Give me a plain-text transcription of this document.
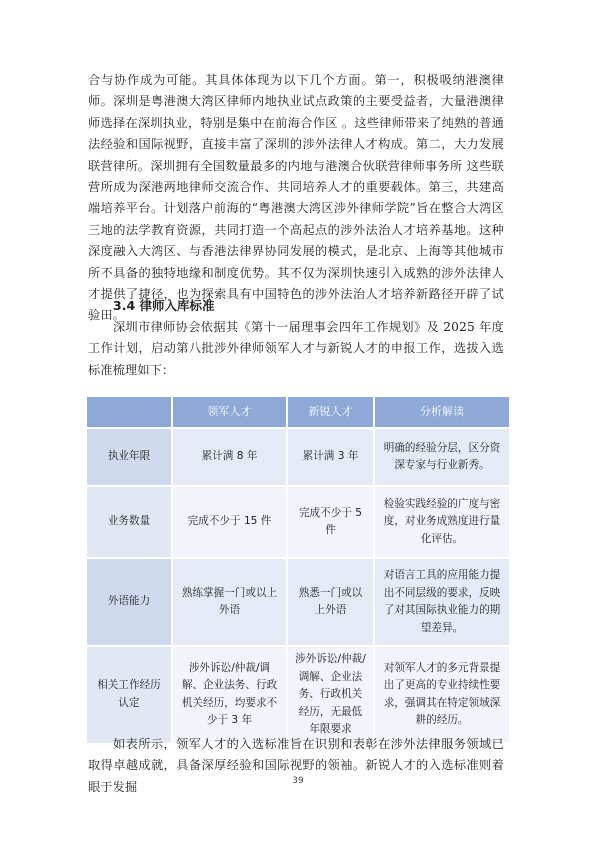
合与协作成为可能。其具体体现为以下几个方面。第一，积极吸纳港澳律师。深圳是粤港澳大湾区律师内地执业试点政策的主要受益者，大量港澳律师选择在深圳执业，特别是集中在前海合作区 。这些律师带来了纯熟的普通法经验和国际视野，直接丰富了深圳的涉外法律人才构成。第二，大力发展联营律所。深圳拥有全国数量最多的内地与港澳合伙联营律师事务所 这些联营所成为深港两地律师交流合作、共同培养人才的重要载体。第三，共建高端培养平台。计划落户前海的“粤港澳大湾区涉外律师学院”旨在整合大湾区三地的法学教育资源，共同打造一个高起点的涉外法治人才培养基地。这种深度融入大湾区、与香港法律界协同发展的模式，是北京、上海等其他城市所不具备的独特地缘和制度优势。其不仅为深圳快速引入成熟的涉外法律人才提供了捷径，也为探索具有中国特色的涉外法治人才培养新路径开辟了试验田。
3.4 律师入库标准
深圳市律师协会依据其《第十一届理事会四年工作规划》及 2025 年度工作计划，启动第八批涉外律师领军人才与新锐人才的申报工作，选拔入选标准梳理如下：
	领军人才	新锐人才	分析解读
执业年限	累计满 8 年	累计满 3 年	明确的经验分层，区分资深专家与行业新秀。
业务数量	完成不少于 15 件	完成不少于 5 件	检验实践经验的广度与密度，对业务成熟度进行量化评估。
外语能力	熟练掌握一门或以上外语	熟悉一门或以上外语	对语言工具的应用能力提出不同层级的要求，反映了对其国际执业能力的期望差异。
相关工作经历认定	涉外诉讼/仲裁/调解、企业法务、行政机关经历，均要求不少于 3 年	涉外诉讼/仲裁/调解、企业法务、行政机关经历，无最低年限要求	对领军人才的多元背景提出了更高的专业持续性要求，强调其在特定领域深耕的经历。
如表所示，领军人才的入选标准旨在识别和表彰在涉外法律服务领域已取得卓越成就，具备深厚经验和国际视野的领袖。新锐人才的入选标准则着眼于发掘	39
